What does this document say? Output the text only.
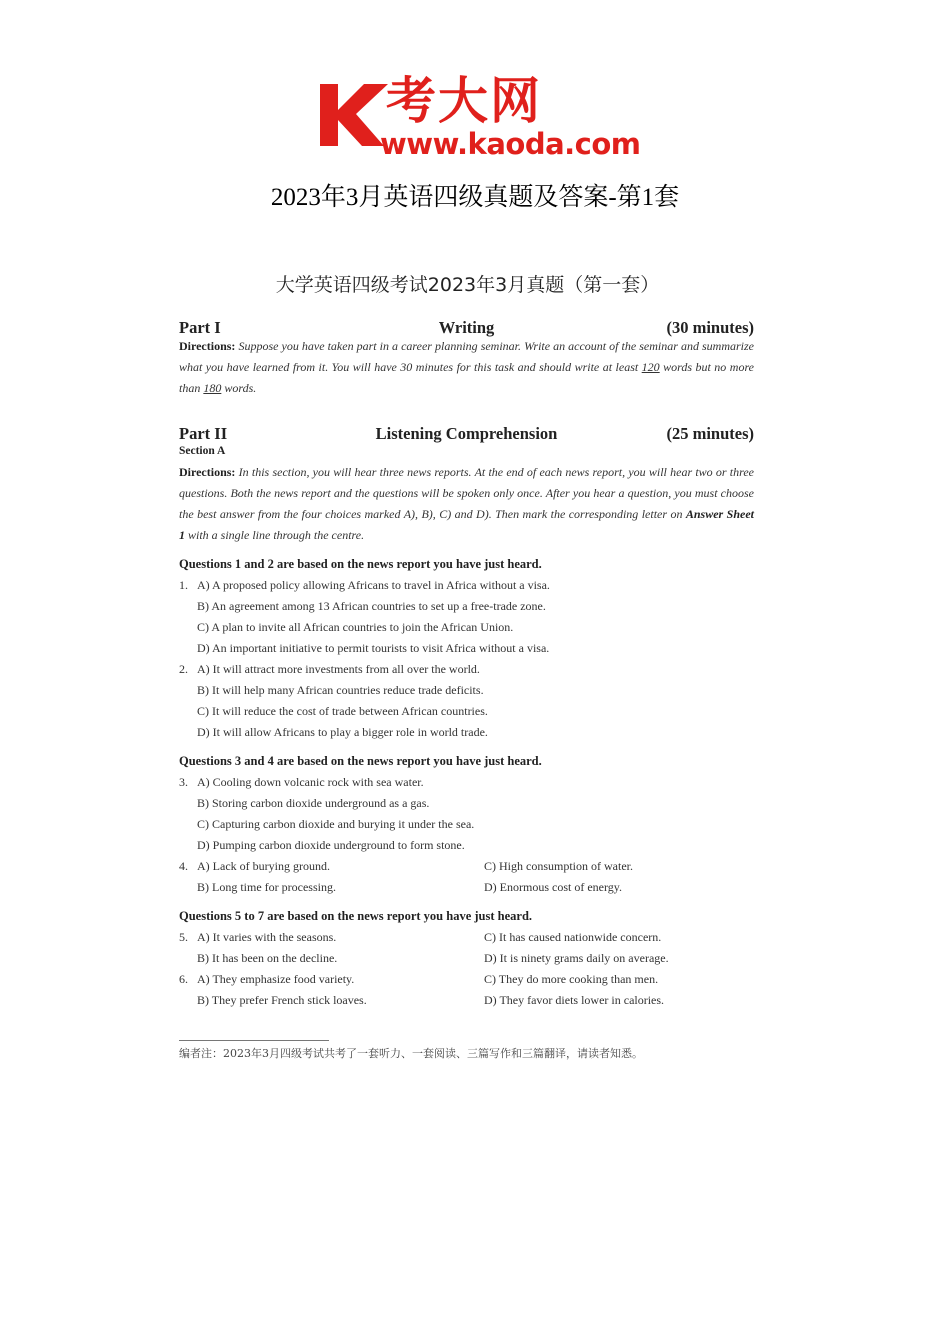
考大网
www.kaoda.com
2023年3月英语四级真题及答案-第1套
大学英语四级考试2023年3月真题（第一套）
Part I	Writing	(30 minutes)
Directions: Suppose you have taken part in a career planning seminar. Write an account of the seminar and summarize what you have learned from it. You will have 30 minutes for this task and should write at least 120 words but no more than 180 words.
Part II	Listening Comprehension	(25 minutes)
Section A
Directions: In this section, you will hear three news reports. At the end of each news report, you will hear two or three questions. Both the news report and the questions will be spoken only once. After you hear a question, you must choose the best answer from the four choices marked A), B), C) and D). Then mark the corresponding letter on Answer Sheet 1 with a single line through the centre.
Questions 1 and 2 are based on the news report you have just heard.
1. A) A proposed policy allowing Africans to travel in Africa without a visa.
B) An agreement among 13 African countries to set up a free-trade zone.
C) A plan to invite all African countries to join the African Union.
D) An important initiative to permit tourists to visit Africa without a visa.
2. A) It will attract more investments from all over the world.
B) It will help many African countries reduce trade deficits.
C) It will reduce the cost of trade between African countries.
D) It will allow Africans to play a bigger role in world trade.
Questions 3 and 4 are based on the news report you have just heard.
3. A) Cooling down volcanic rock with sea water.
B) Storing carbon dioxide underground as a gas.
C) Capturing carbon dioxide and burying it under the sea.
D) Pumping carbon dioxide underground to form stone.
4. A) Lack of burying ground.	C) High consumption of water.
B) Long time for processing.	D) Enormous cost of energy.
Questions 5 to 7 are based on the news report you have just heard.
5. A) It varies with the seasons.	C) It has caused nationwide concern.
B) It has been on the decline.	D) It is ninety grams daily on average.
6. A) They emphasize food variety.	C) They do more cooking than men.
B) They prefer French stick loaves.	D) They favor diets lower in calories.
编者注：2023年3月四级考试共考了一套听力、一套阅读、三篇写作和三篇翻译，请读者知悉。
